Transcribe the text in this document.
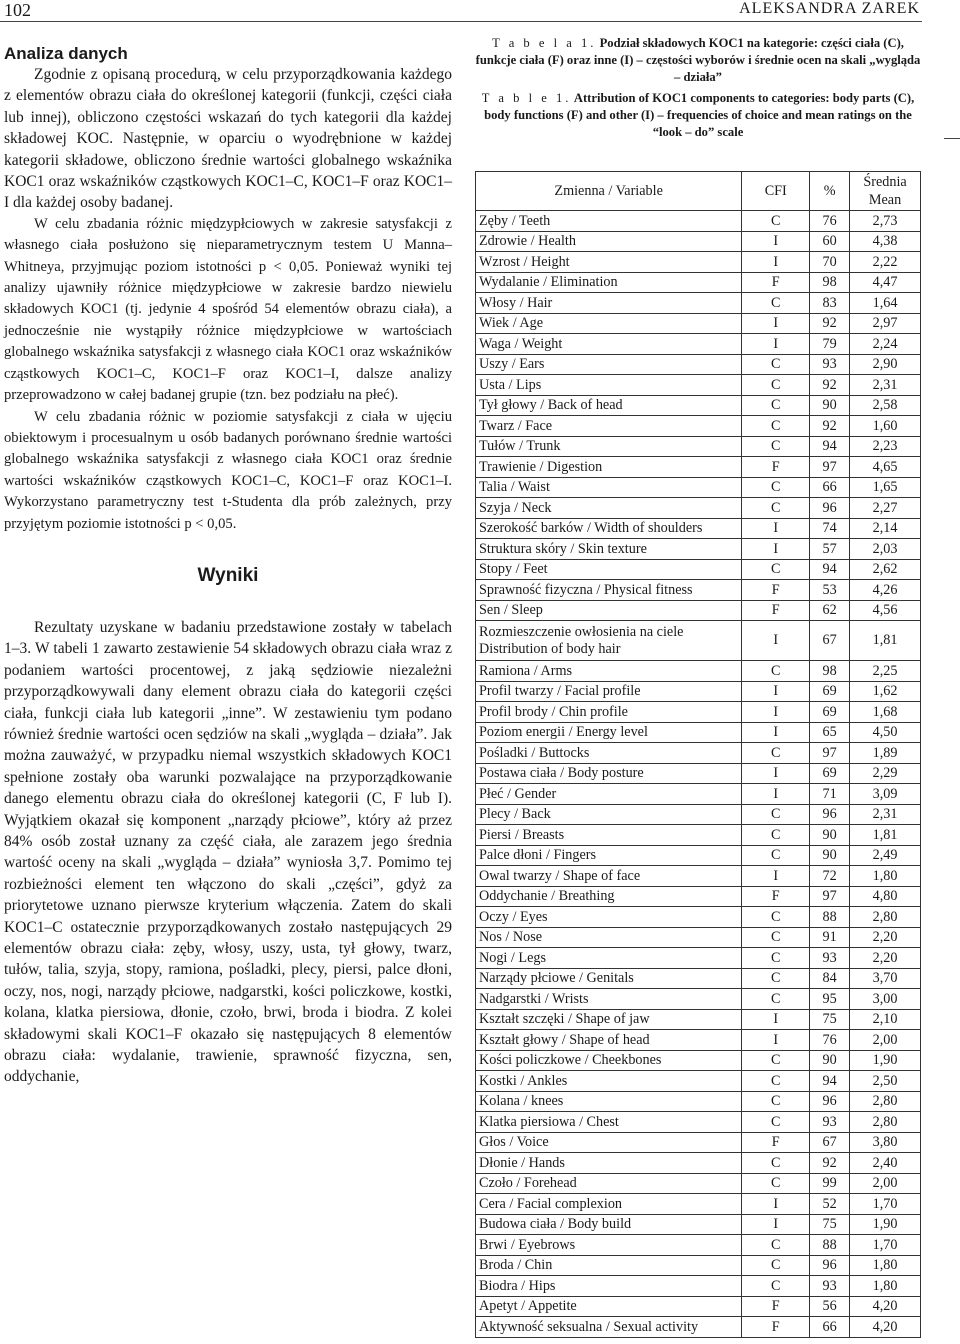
102	ALEKSANDRA ZAREK
Analiza danych

Zgodnie z opisaną procedurą, w celu przyporządkowania każdego z elementów obrazu ciała do określonej kategorii (funkcji, części ciała lub innej), obliczono częstości wskazań do tych kategorii dla każdej składowej KOC. Następnie, w oparciu o wyodrębnione w każdej kategorii składowe, obliczono średnie wartości globalnego wskaźnika KOC1 oraz wskaźników cząstkowych KOC1–C, KOC1–F oraz KOC1–I dla każdej osoby badanej.

W celu zbadania różnic międzypłciowych w zakresie satysfakcji z własnego ciała posłużono się nieparametrycznym testem U Manna–Whitneya, przyjmując poziom istotności p < 0,05. Ponieważ wyniki tej analizy ujawniły różnice międzypłciowe w zakresie bardzo niewielu składowych KOC1 (tj. jedynie 4 spośród 54 elementów obrazu ciała), a jednocześnie nie wystąpiły różnice międzypłciowe w wartościach globalnego wskaźnika satysfakcji z własnego ciała KOC1 oraz wskaźników cząstkowych KOC1–C, KOC1–F oraz KOC1–I, dalsze analizy przeprowadzono w całej badanej grupie (tzn. bez podziału na płeć).

W celu zbadania różnic w poziomie satysfakcji z ciała w ujęciu obiektowym i procesualnym u osób badanych porównano średnie wartości globalnego wskaźnika satysfakcji z własnego ciała KOC1 oraz średnie wartości wskaźników cząstkowych KOC1–C, KOC1–F oraz KOC1–I. Wykorzystano parametryczny test t-Studenta dla prób zależnych, przy przyjętym poziomie istotności p < 0,05.

Wyniki

Rezultaty uzyskane w badaniu przedstawione zostały w tabelach 1–3. W tabeli 1 zawarto zestawienie 54 składowych obrazu ciała wraz z podaniem wartości procentowej, z jaką sędziowie niezależni przyporządkowywali dany element obrazu ciała do kategorii części ciała, funkcji ciała lub kategorii „inne”. W zestawieniu tym podano również średnie wartości ocen sędziów na skali „wygląda – działa”. Jak można zauważyć, w przypadku niemal wszystkich składowych KOC1 spełnione zostały oba warunki pozwalające na przyporządkowanie danego elementu obrazu ciała do określonej kategorii (C, F lub I). Wyjątkiem okazał się komponent „narządy płciowe”, który aż przez 84% osób został uznany za część ciała, ale zarazem jego średnia wartość oceny na skali „wygląda – działa” wyniosła 3,7. Pomimo tej rozbieżności element ten włączono do skali „części”, gdyż za priorytetowe uznano pierwsze kryterium włączenia. Zatem do skali KOC1–C ostatecznie przyporządkowanych zostało następujących 29 elementów obrazu ciała: zęby, włosy, uszy, usta, tył głowy, twarz, tułów, talia, szyja, stopy, ramiona, pośladki, plecy, piersi, palce dłoni, oczy, nos, nogi, narządy płciowe, nadgarstki, kości policzkowe, kostki, kolana, klatka piersiowa, dłonie, czoło, brwi, broda i biodra. Z kolei składowymi skali KOC1–F okazało się następujących 8 elementów obrazu ciała: wydalanie, trawienie, sprawność fizyczna, sen, oddychanie,

T a b e l a 1. Podział składowych KOC1 na kategorie: części ciała (C), funkcje ciała (F) oraz inne (I) – częstości wyborów i średnie ocen na skali „wygląda – działa”
T a b l e 1. Attribution of KOC1 components to categories: body parts (C), body functions (F) and other (I) – frequencies of choice and mean ratings on the “look – do” scale
Zmienna / Variable	CFI	%	Średnia
Mean

Zęby / Teeth	C	76	2,73
Zdrowie / Health	I	60	4,38
Wzrost / Height	I	70	2,22
Wydalanie / Elimination	F	98	4,47
Włosy / Hair	C	83	1,64
Wiek / Age	I	92	2,97
Waga / Weight	I	79	2,24
Uszy / Ears	C	93	2,90
Usta / Lips	C	92	2,31
Tył głowy / Back of head	C	90	2,58
Twarz / Face	C	92	1,60
Tułów / Trunk	C	94	2,23
Trawienie / Digestion	F	97	4,65
Talia / Waist	C	66	1,65
Szyja / Neck	C	96	2,27
Szerokość barków / Width of shoulders	I	74	2,14
Struktura skóry / Skin texture	I	57	2,03
Stopy / Feet	C	94	2,62
Sprawność fizyczna / Physical fitness	F	53	4,26
Sen / Sleep	F	62	4,56
Rozmieszczenie owłosienia na ciele
Distribution of body hair	I	67	1,81
Ramiona / Arms	C	98	2,25
Profil twarzy / Facial profile	I	69	1,62
Profil brody / Chin profile	I	69	1,68
Poziom energii / Energy level	I	65	4,50
Pośladki / Buttocks	C	97	1,89
Postawa ciała / Body posture	I	69	2,29
Płeć / Gender	I	71	3,09
Plecy / Back	C	96	2,31
Piersi / Breasts	C	90	1,81
Palce dłoni / Fingers	C	90	2,49
Owal twarzy / Shape of face	I	72	1,80
Oddychanie / Breathing	F	97	4,80
Oczy / Eyes	C	88	2,80
Nos / Nose	C	91	2,20
Nogi / Legs	C	93	2,20
Narządy płciowe / Genitals	C	84	3,70
Nadgarstki / Wrists	C	95	3,00
Kształt szczęki / Shape of jaw	I	75	2,10
Kształt głowy / Shape of head	I	76	2,00
Kości policzkowe / Cheekbones	C	90	1,90
Kostki / Ankles	C	94	2,50
Kolana / knees	C	96	2,80
Klatka piersiowa / Chest	C	93	2,80
Głos / Voice	F	67	3,80
Dłonie / Hands	C	92	2,40
Czoło / Forehead	C	99	2,00
Cera / Facial complexion	I	52	1,70
Budowa ciała / Body build	I	75	1,90
Brwi / Eyebrows	C	88	1,70
Broda / Chin	C	96	1,80
Biodra / Hips	C	93	1,80
Apetyt / Appetite	F	56	4,20
Aktywność seksualna / Sexual activity	F	66	4,20
